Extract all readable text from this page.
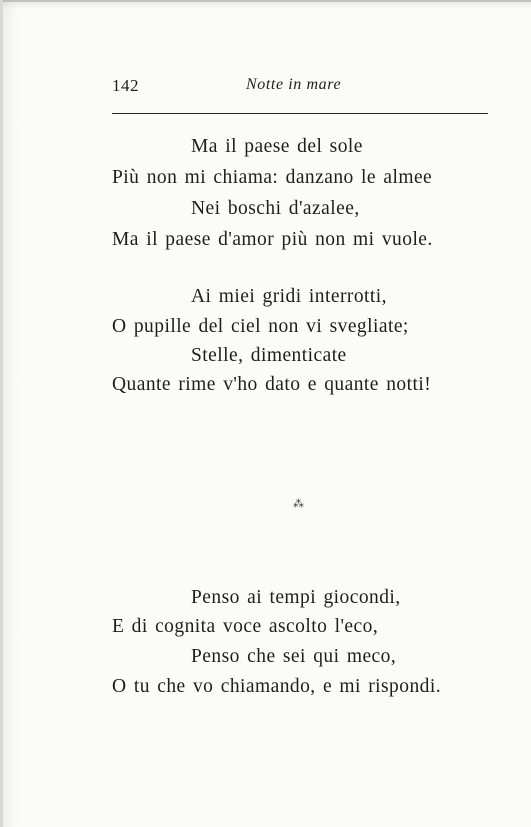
142	Notte in mare
Ma il paese del sole
Più non mi chiama: danzano le almee
Nei boschi d'azalee,
Ma il paese d'amor più non mi vuole.
Ai miei gridi interrotti,
O pupille del ciel non vi svegliate;
Stelle, dimenticate
Quante rime v'ho dato e quante notti!
⁂
Penso ai tempi giocondi,
E di cognita voce ascolto l'eco,
Penso che sei qui meco,
O tu che vo chiamando, e mi rispondi.
